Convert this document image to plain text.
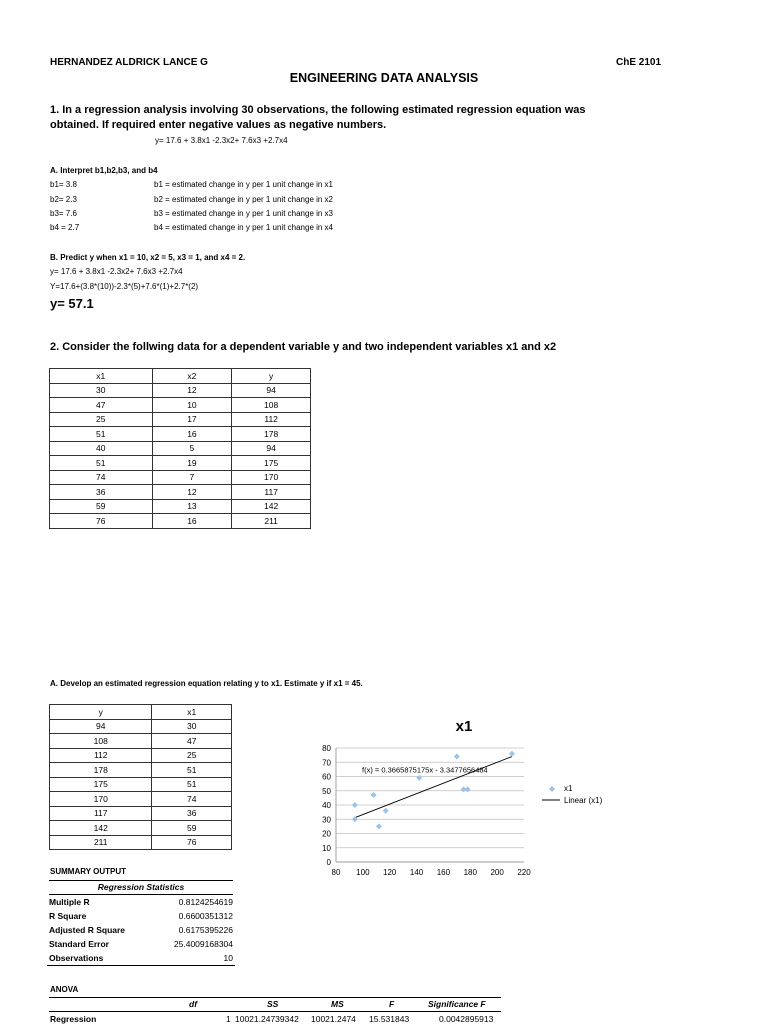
HERNANDEZ ALDRICK LANCE G	ChE 2101
ENGINEERING DATA ANALYSIS
1. In a regression analysis involving 30 observations, the following estimated regression equation was
obtained. If required enter negative values as negative numbers.
y= 17.6 + 3.8x1 -2.3x2+ 7.6x3 +2.7x4
A. Interpret b1,b2,b3, and b4
b1= 3.8	b1 = estimated change in y per 1 unit change in x1
b2= 2.3	b2 = estimated change in y per 1 unit change in x2
b3= 7.6	b3 = estimated change in y per 1 unit change in x3
b4 = 2.7	b4 = estimated change in y per 1 unit change in x4
B. Predict y when x1 = 10, x2 = 5, x3 = 1, and x4 = 2.
y= 17.6 + 3.8x1 -2.3x2+ 7.6x3 +2.7x4
Y=17.6+(3.8*(10))-2.3*(5)+7.6*(1)+2.7*(2)
y= 57.1
2. Consider the follwing data for a dependent variable y and two independent variables x1 and x2
x1	x2	y
30	12	94
47	10	108
25	17	112
51	16	178
40	5	94
51	19	175
74	7	170
36	12	117
59	13	142
76	16	211
A. Develop an estimated regression equation relating y to x1. Estimate y if x1 = 45.
y	x1
94	30
108	47
112	25
178	51
175	51
170	74
117	36
142	59
211	76
x1
0
10
20
30
40
50
60
70
80
80 100 120 140 160 180 200 220
f(x) = 0.3665875175x - 3.3477656484
x1
Linear (x1)
SUMMARY OUTPUT
Regression Statistics
Multiple R	0.8124254619
R Square	0.6600351312
Adjusted R Square	0.6175395226
Standard Error	25.4009168304
Observations	10
ANOVA
df	SS	MS	F	Significance F
Regression	1 10021.24739342 10021.2474 15.531843	0.0042895913
